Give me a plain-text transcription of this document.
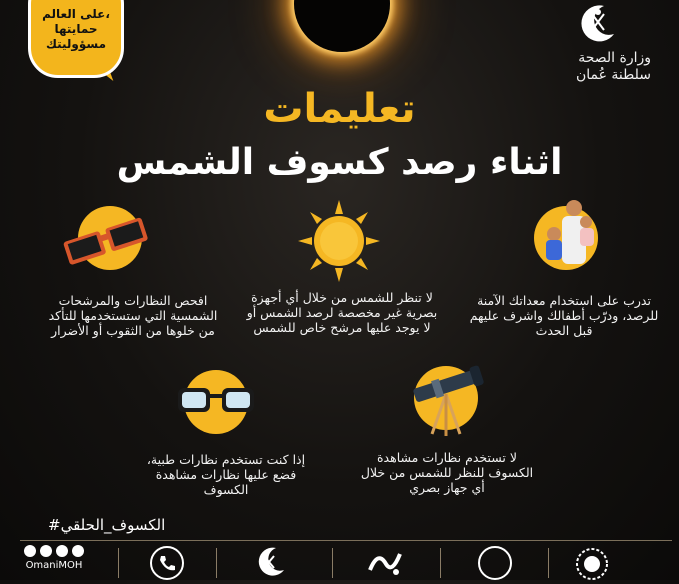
على العالم،
حمايتها
مسؤوليتك
وزارة الصحة
سلطنة عُمان
تعليمات
اثناء رصد كسوف الشمس
افحص النظارات والمرشحات الشمسية التي ستستخدمها للتأكد من خلوها من الثقوب أو الأضرار
لا تنظر للشمس من خلال أي أجهزة بصرية غير مخصصة لرصد الشمس أو لا يوجد عليها مرشح خاص للشمس
تدرب على استخدام معداتك الآمنة للرصد، ودرّب أطفالك واشرف عليهم قبل الحدث
إذا كنت تستخدم نظارات طبية، فضع عليها نظارات مشاهدة الكسوف
لا تستخدم نظارات مشاهدة الكسوف للنظر للشمس من خلال أي جهاز بصري
#الكسوف_الحلقي
OmaniMOH
